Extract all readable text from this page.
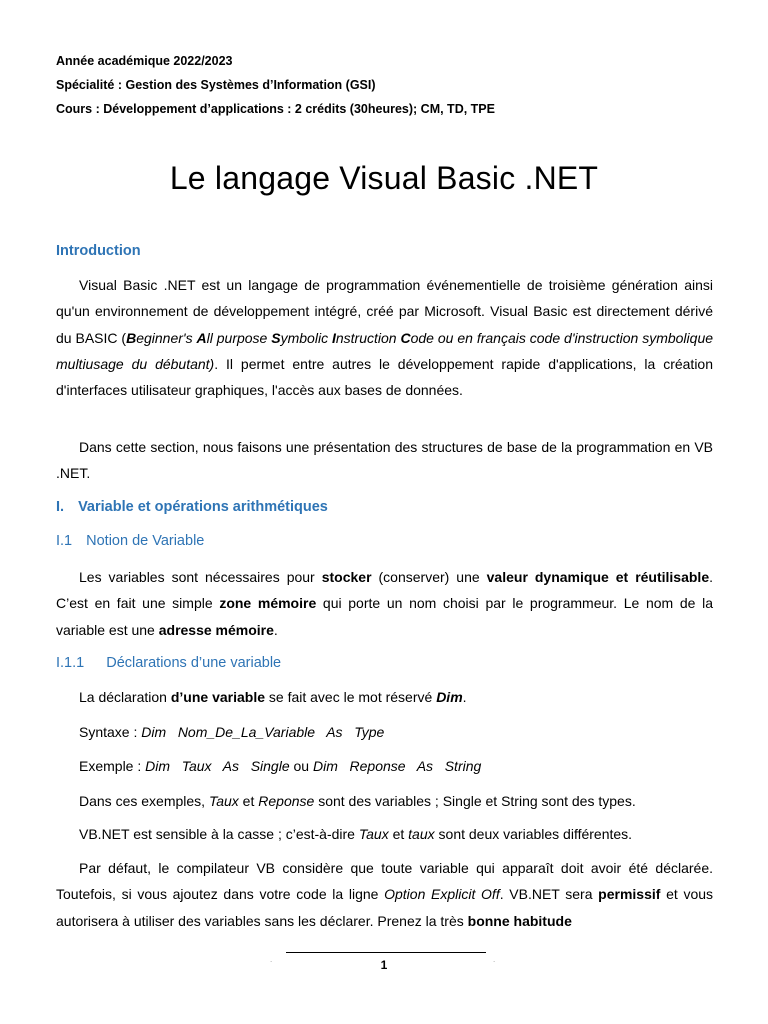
Année académique 2022/2023
Spécialité : Gestion des Systèmes d’Information (GSI)
Cours : Développement d’applications : 2 crédits (30heures); CM, TD, TPE
Le langage Visual Basic .NET
Introduction
Visual Basic .NET est un langage de programmation événementielle de troisième génération ainsi qu'un environnement de développement intégré, créé par Microsoft. Visual Basic est directement dérivé du BASIC (Beginner's All purpose Symbolic Instruction Code ou en français code d'instruction symbolique multiusage du débutant). Il permet entre autres le développement rapide d'applications, la création d'interfaces utilisateur graphiques, l'accès aux bases de données.
Dans cette section, nous faisons une présentation des structures de base de la programmation en VB .NET.
I. Variable et opérations arithmétiques
I.1 Notion de Variable
Les variables sont nécessaires pour stocker (conserver) une valeur dynamique et réutilisable. C’est en fait une simple zone mémoire qui porte un nom choisi par le programmeur. Le nom de la variable est une adresse mémoire.
I.1.1 Déclarations d’une variable
La déclaration d’une variable se fait avec le mot réservé Dim.
Syntaxe : Dim   Nom_De_La_Variable   As   Type
Exemple : Dim   Taux   As   Single ou Dim   Reponse   As   String
Dans ces exemples, Taux et Reponse sont des variables ; Single et String sont des types.
VB.NET est sensible à la casse ; c’est-à-dire Taux et taux sont deux variables différentes.
Par défaut, le compilateur VB considère que toute variable qui apparaît doit avoir été déclarée. Toutefois, si vous ajoutez dans votre code la ligne Option Explicit Off. VB.NET sera permissif et vous autorisera à utiliser des variables sans les déclarer. Prenez la très bonne habitude
.	.
1
